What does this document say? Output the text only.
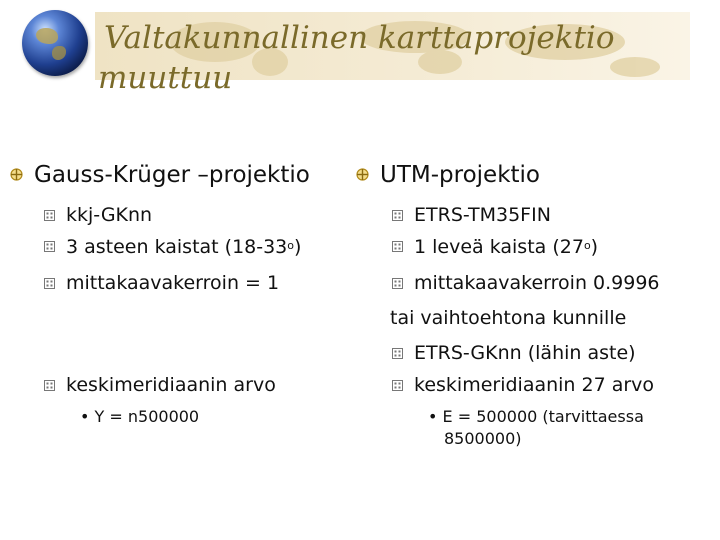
Valtakunnallinen karttaprojektio
muuttuu
Gauss-Krüger –projektio
kkj-GKnn
3 asteen kaistat (18-33$^o$)
mittakaavakerroin = 1
keskimeridiaanin arvo
• Y = n500000
UTM-projektio
ETRS-TM35FIN
1 leveä kaista (27$^o$)
mittakaavakerroin 0.9996
tai vaihtoehtona kunnille
ETRS-GKnn (lähin aste)
keskimeridiaanin 27 arvo
• E = 500000 (tarvittaessa
8500000)
